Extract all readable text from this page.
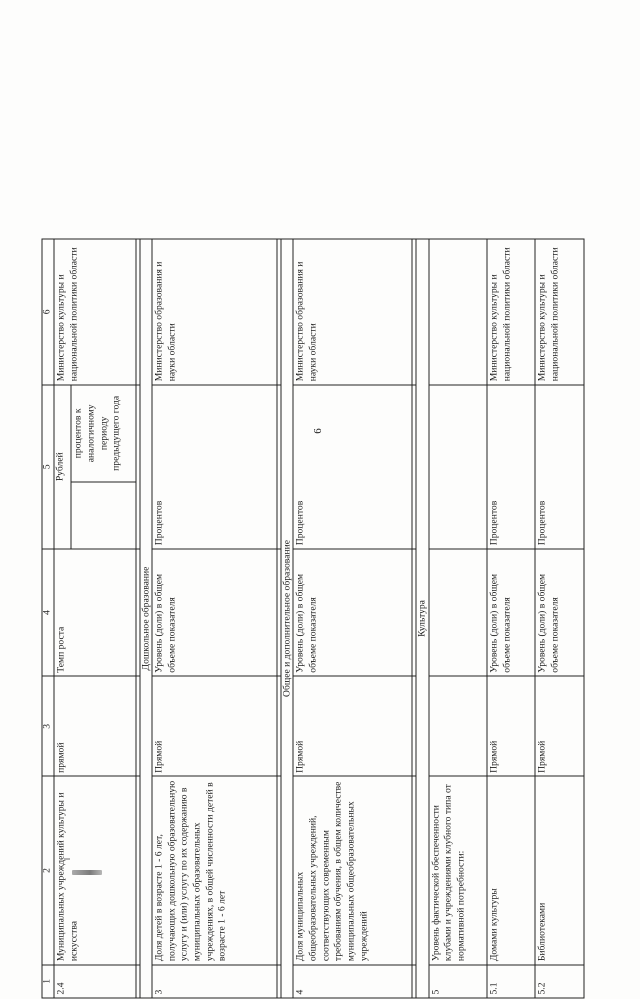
6
1	2	3	4	5		6
2.4	Муниципальных учреждений культуры и искусства	прямой	Темп роста	Рублей		Министерство культуры и национальной политики области
					процентов к аналогичному периоду предыдущего года	

Дошкольное образование						
3	Доля детей в возрасте 1 - 6 лет, получающих дошкольную образовательную услугу и (или) услугу по их содержанию в муниципальных образовательных учреждениях, в общей численности детей в возрасте 1 - 6 лет	Прямой	Уровень (доли) в общем объеме показателя	Процентов		Министерство образования и науки области

Общее и дополнительное образование						
4	Доля муниципальных общеобразовательных учреждений, соответствующих современным требованиям обучения, в общем количестве муниципальных общеобразовательных учреждений	Прямой	Уровень (доли) в общем объеме показателя	Процентов		Министерство образования и науки области

Культура						
5	Уровень фактической обеспеченности клубами и учреждениями клубного типа от нормативной потребности:					
5.1	Домами культуры	Прямой	Уровень (доли) в общем объеме показателя	Процентов		Министерство культуры и национальной политики области
5.2	Библиотеками	Прямой	Уровень (доли) в общем объеме показателя	Процентов		Министерство культуры и национальной политики области
